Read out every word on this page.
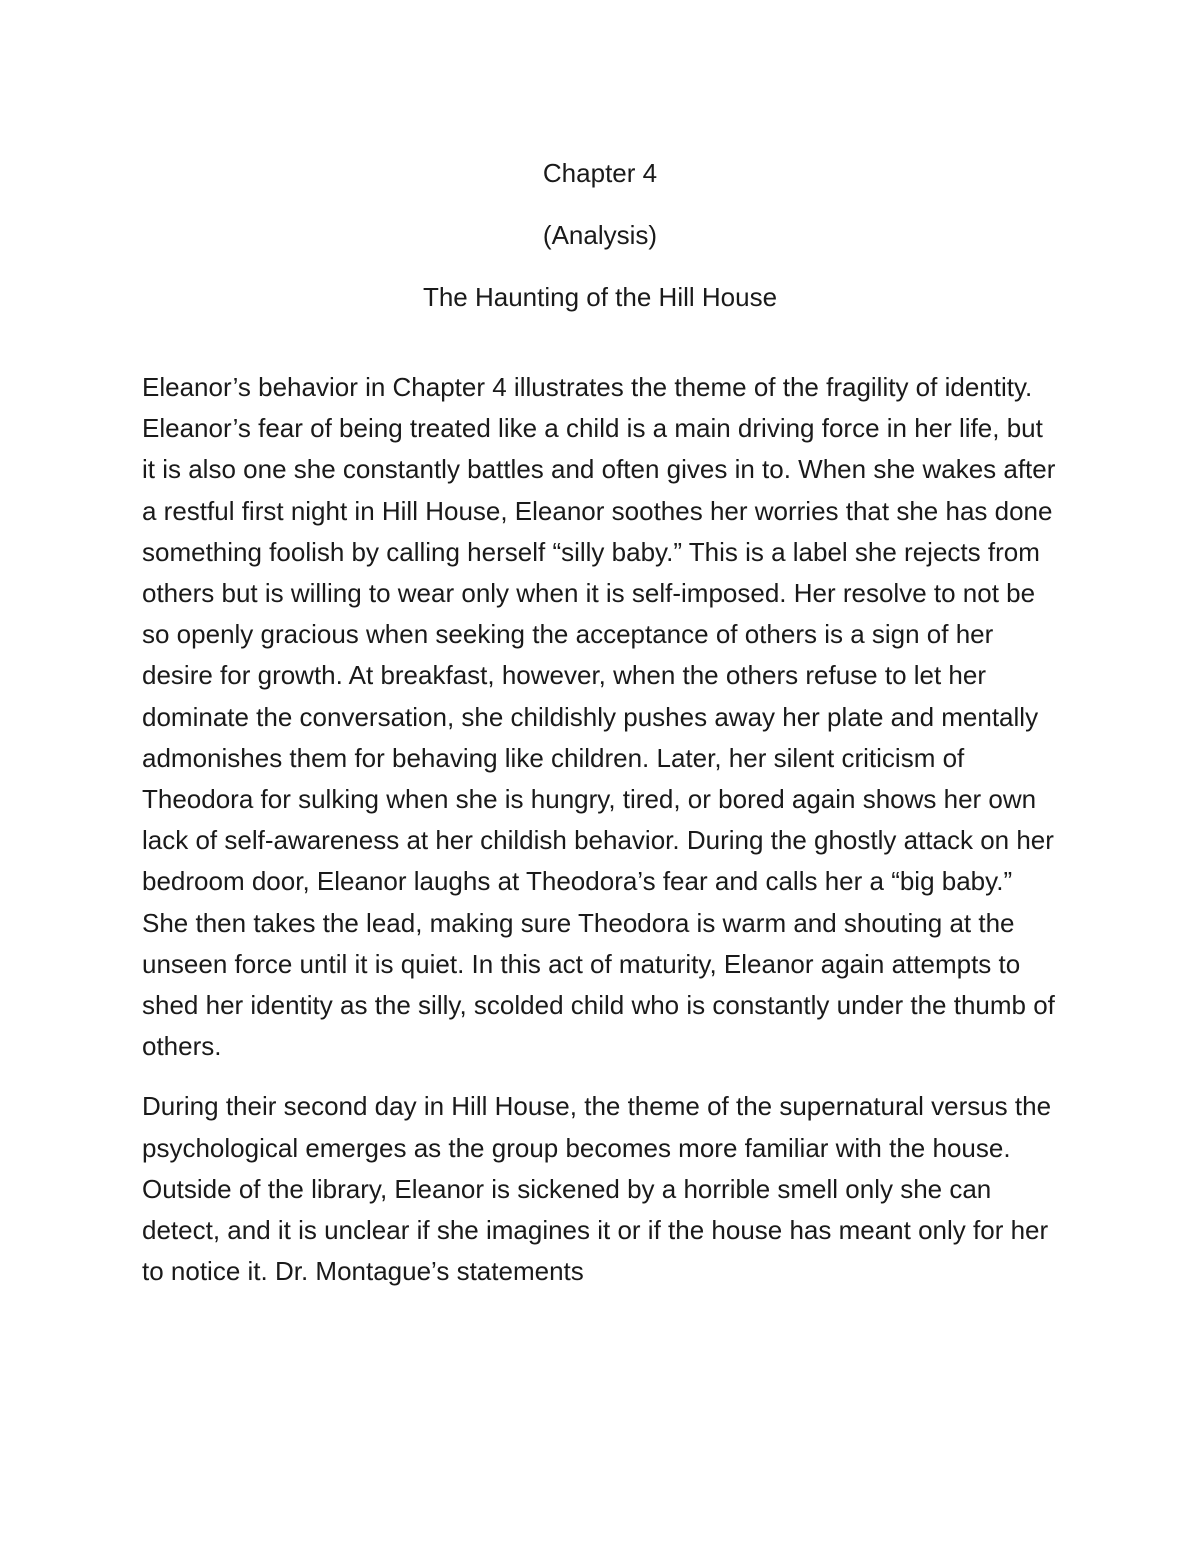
Chapter 4

(Analysis)

The Haunting of the Hill House

Eleanor’s behavior in Chapter 4 illustrates the theme of the fragility of identity. Eleanor’s fear of being treated like a child is a main driving force in her life, but it is also one she constantly battles and often gives in to. When she wakes after a restful first night in Hill House, Eleanor soothes her worries that she has done something foolish by calling herself “silly baby.” This is a label she rejects from others but is willing to wear only when it is self-imposed. Her resolve to not be so openly gracious when seeking the acceptance of others is a sign of her desire for growth. At breakfast, however, when the others refuse to let her dominate the conversation, she childishly pushes away her plate and mentally admonishes them for behaving like children. Later, her silent criticism of Theodora for sulking when she is hungry, tired, or bored again shows her own lack of self-awareness at her childish behavior. During the ghostly attack on her bedroom door, Eleanor laughs at Theodora’s fear and calls her a “big baby.” She then takes the lead, making sure Theodora is warm and shouting at the unseen force until it is quiet. In this act of maturity, Eleanor again attempts to shed her identity as the silly, scolded child who is constantly under the thumb of others.

During their second day in Hill House, the theme of the supernatural versus the psychological emerges as the group becomes more familiar with the house. Outside of the library, Eleanor is sickened by a horrible smell only she can detect, and it is unclear if she imagines it or if the house has meant only for her to notice it. Dr. Montague’s statements
